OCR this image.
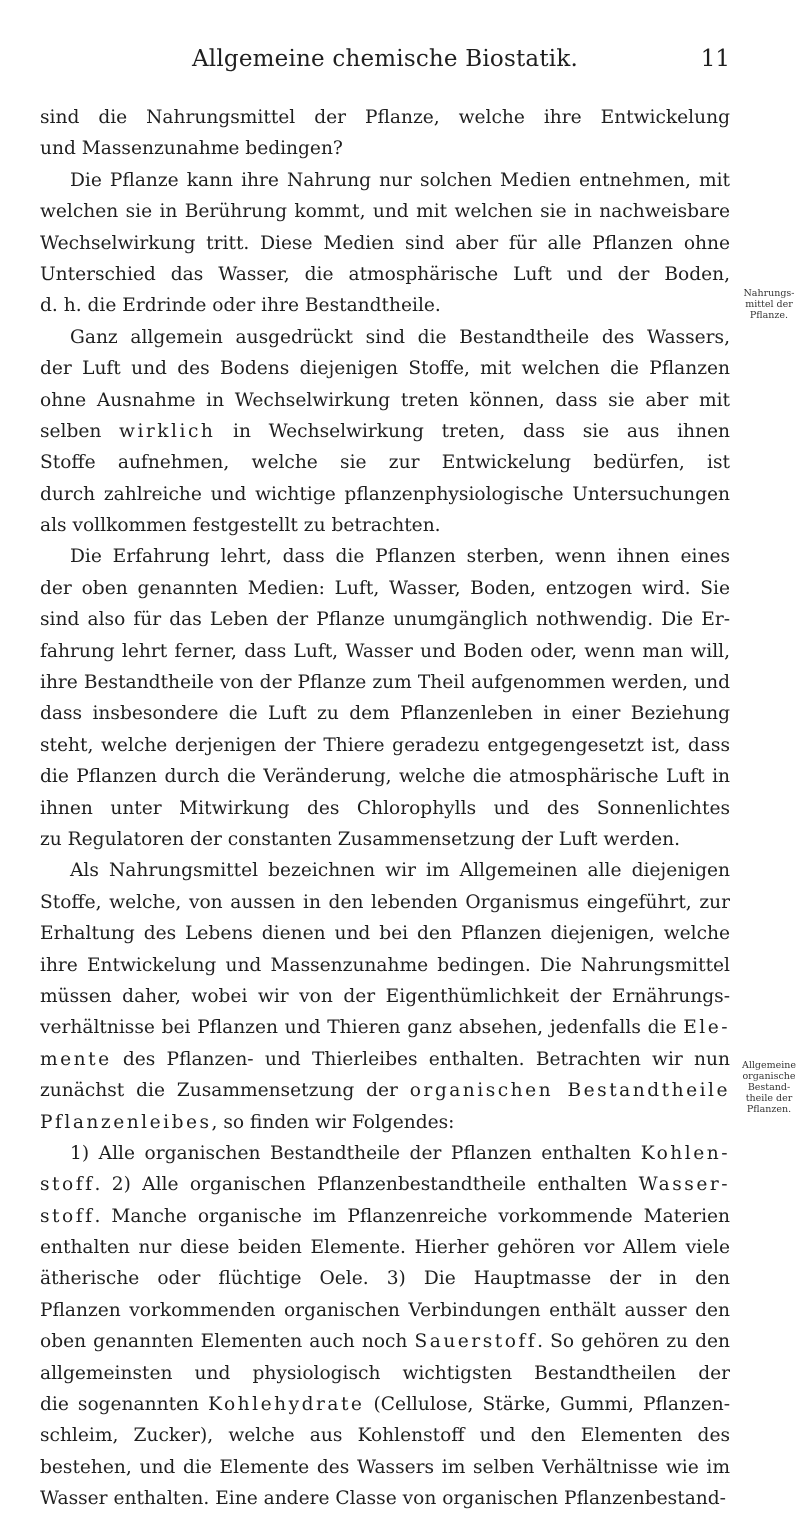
Allgemeine chemische Biostatik.	11
Nahrungs-
mittel der
Pflanze.
Allgemeine
organische
Bestand-
theile der
Pflanzen.
sind die Nahrungsmittel der Pflanze, welche ihre Entwickelung
und Massenzunahme bedingen?
Die Pflanze kann ihre Nahrung nur solchen Medien entnehmen, mit
welchen sie in Berührung kommt, und mit welchen sie in nachweisbare
Wechselwirkung tritt. Diese Medien sind aber für alle Pflanzen ohne
Unterschied das Wasser, die atmosphärische Luft und der Boden,
d. h. die Erdrinde oder ihre Bestandtheile.
Ganz allgemein ausgedrückt sind die Bestandtheile des Wassers,
der Luft und des Bodens diejenigen Stoffe, mit welchen die Pflanzen
ohne Ausnahme in Wechselwirkung treten können, dass sie aber mit
selben wirklich in Wechselwirkung treten, dass sie aus ihnen
Stoffe aufnehmen, welche sie zur Entwickelung bedürfen, ist
durch zahlreiche und wichtige pflanzenphysiologische Untersuchungen
als vollkommen festgestellt zu betrachten.
Die Erfahrung lehrt, dass die Pflanzen sterben, wenn ihnen eines
der oben genannten Medien: Luft, Wasser, Boden, entzogen wird. Sie
sind also für das Leben der Pflanze unumgänglich nothwendig. Die Er-
fahrung lehrt ferner, dass Luft, Wasser und Boden oder, wenn man will,
ihre Bestandtheile von der Pflanze zum Theil aufgenommen werden, und
dass insbesondere die Luft zu dem Pflanzenleben in einer Beziehung
steht, welche derjenigen der Thiere geradezu entgegengesetzt ist, dass
die Pflanzen durch die Veränderung, welche die atmosphärische Luft in
ihnen unter Mitwirkung des Chlorophylls und des Sonnenlichtes
zu Regulatoren der constanten Zusammensetzung der Luft werden.
Als Nahrungsmittel bezeichnen wir im Allgemeinen alle diejenigen
Stoffe, welche, von aussen in den lebenden Organismus eingeführt, zur
Erhaltung des Lebens dienen und bei den Pflanzen diejenigen, welche
ihre Entwickelung und Massenzunahme bedingen. Die Nahrungsmittel
müssen daher, wobei wir von der Eigenthümlichkeit der Ernährungs-
verhältnisse bei Pflanzen und Thieren ganz absehen, jedenfalls die Ele-
mente des Pflanzen- und Thierleibes enthalten. Betrachten wir nun
zunächst die Zusammensetzung der organischen Bestandtheile
Pflanzenleibes, so finden wir Folgendes:
1) Alle organischen Bestandtheile der Pflanzen enthalten Kohlen-
stoff. 2) Alle organischen Pflanzenbestandtheile enthalten Wasser-
stoff. Manche organische im Pflanzenreiche vorkommende Materien
enthalten nur diese beiden Elemente. Hierher gehören vor Allem viele
ätherische oder flüchtige Oele. 3) Die Hauptmasse der in den
Pflanzen vorkommenden organischen Verbindungen enthält ausser den
oben genannten Elementen auch noch Sauerstoff. So gehören zu den
allgemeinsten und physiologisch wichtigsten Bestandtheilen der
die sogenannten Kohlehydrate (Cellulose, Stärke, Gummi, Pflanzen-
schleim, Zucker), welche aus Kohlenstoff und den Elementen des
bestehen, und die Elemente des Wassers im selben Verhältnisse wie im
Wasser enthalten. Eine andere Classe von organischen Pflanzenbestand-
